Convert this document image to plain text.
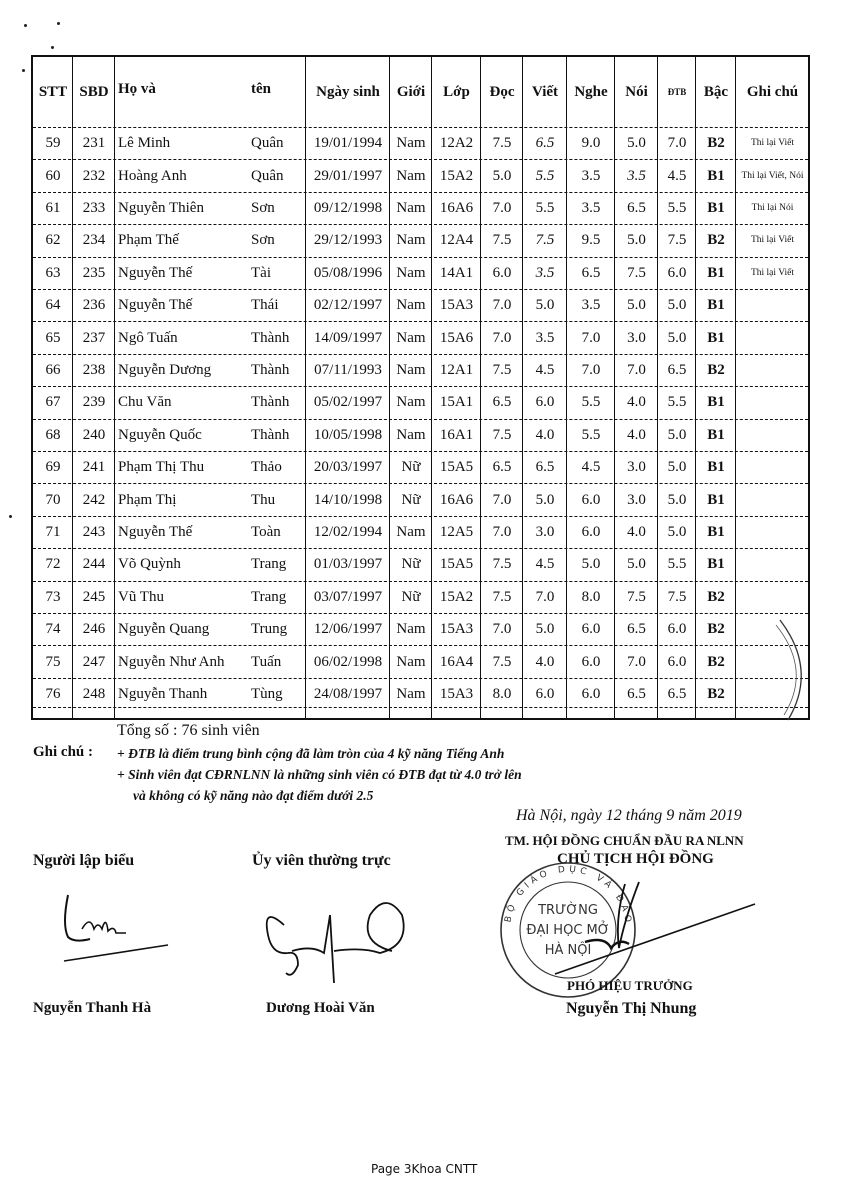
STT SBD Họ và	tên	Ngày sinh	Giới	Lớp	Đọc	Viết	Nghe	Nói	ĐTB	Bậc	Ghi chú
59	231 Lê Minh	Quân	19/01/1994 Nam 12A2	7.5	6.5	9.0	5.0	7.0	B2	Thi lại Viết
60	232 Hoàng Anh	Quân	29/01/1997 Nam 15A2	5.0	5.5	3.5	3.5	4.5	B1	Thi lại Viết, Nói
61	233 Nguyễn Thiên	Sơn	09/12/1998 Nam 16A6	7.0	5.5	3.5	6.5	5.5	B1	Thi lại Nói
62	234 Phạm Thế	Sơn	29/12/1993 Nam 12A4	7.5	7.5	9.5	5.0	7.5	B2	Thi lại Viết
63	235 Nguyễn Thế	Tài	05/08/1996 Nam 14A1	6.0	3.5	6.5	7.5	6.0	B1	Thi lại Viết
64	236 Nguyễn Thế	Thái	02/12/1997 Nam 15A3	7.0	5.0	3.5	5.0	5.0	B1
65	237 Ngô Tuấn	Thành	14/09/1997 Nam 15A6	7.0	3.5	7.0	3.0	5.0	B1
66	238 Nguyễn Dương	Thành	07/11/1993 Nam 12A1	7.5	4.5	7.0	7.0	6.5	B2
67	239 Chu Văn	Thành	05/02/1997 Nam 15A1	6.5	6.0	5.5	4.0	5.5	B1
68	240 Nguyễn Quốc	Thành	10/05/1998 Nam 16A1	7.5	4.0	5.5	4.0	5.0	B1
69	241 Phạm Thị Thu	Thảo	20/03/1997	Nữ	15A5	6.5	6.5	4.5	3.0	5.0	B1
70	242 Phạm Thị	Thu	14/10/1998	Nữ	16A6	7.0	5.0	6.0	3.0	5.0	B1
71	243 Nguyễn Thế	Toàn	12/02/1994 Nam 12A5	7.0	3.0	6.0	4.0	5.0	B1
72	244 Võ Quỳnh	Trang	01/03/1997	Nữ	15A5	7.5	4.5	5.0	5.0	5.5	B1
73	245 Vũ Thu	Trang	03/07/1997	Nữ	15A2	7.5	7.0	8.0	7.5	7.5	B2
74	246 Nguyễn Quang	Trung	12/06/1997 Nam 15A3	7.0	5.0	6.0	6.5	6.0	B2
75	247 Nguyễn Như Anh	Tuấn	06/02/1998 Nam 16A4	7.5	4.0	6.0	7.0	6.0	B2
76	248 Nguyễn Thanh	Tùng	24/08/1997 Nam 15A3	8.0	6.0	6.0	6.5	6.5	B2
Tổng số : 76 sinh viên
Ghi chú : + ĐTB là điểm trung bình cộng đã làm tròn của 4 kỹ năng Tiếng Anh
+ Sinh viên đạt CĐRNLNN là những sinh viên có ĐTB đạt từ 4.0 trở lên
và không có kỹ năng nào đạt điểm dưới 2.5
Hà Nội, ngày 12 tháng 9 năm 2019
TM. HỘI ĐỒNG CHUẨN ĐẦU RA NLNN
CHỦ TỊCH HỘI ĐỒNG
Người lập biểu	Ủy viên thường trực
TRƯỜNG
ĐẠI HỌC MỞ
HÀ NỘI
BỘ GIÁO DỤC VÀ ĐÀO TẠO
PHÓ HIỆU TRƯỞNG
Nguyễn Thanh Hà	Dương Hoài Văn	Nguyễn Thị Nhung
Page 3Khoa CNTT
